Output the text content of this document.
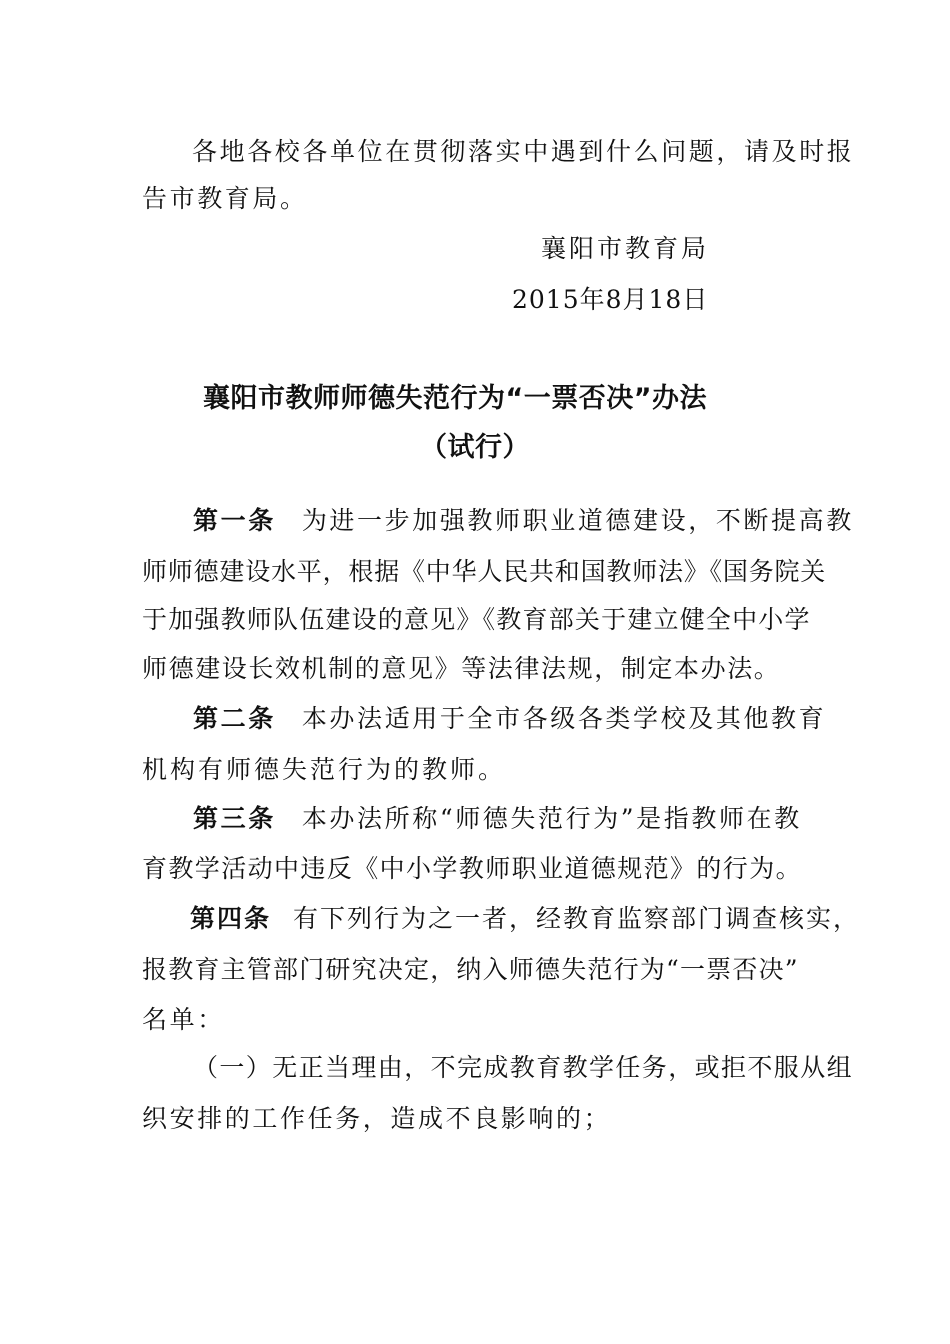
各地各校各单位在贯彻落实中遇到什么问题，请及时报
告市教育局。
襄阳市教育局
2015年8月18日
襄阳市教师师德失范行为“一票否决”办法
（试行）
第一条 为进一步加强教师职业道德建设，不断提高教
师师德建设水平，根据《中华人民共和国教师法》《国务院关
于加强教师队伍建设的意见》《教育部关于建立健全中小学
师德建设长效机制的意见》等法律法规，制定本办法。
第二条 本办法适用于全市各级各类学校及其他教育
机构有师德失范行为的教师。
第三条 本办法所称“师德失范行为”是指教师在教
育教学活动中违反《中小学教师职业道德规范》的行为。
第四条 有下列行为之一者，经教育监察部门调查核实，
报教育主管部门研究决定，纳入师德失范行为“一票否决”
名单：
（一）无正当理由，不完成教育教学任务，或拒不服从组
织安排的工作任务，造成不良影响的；
